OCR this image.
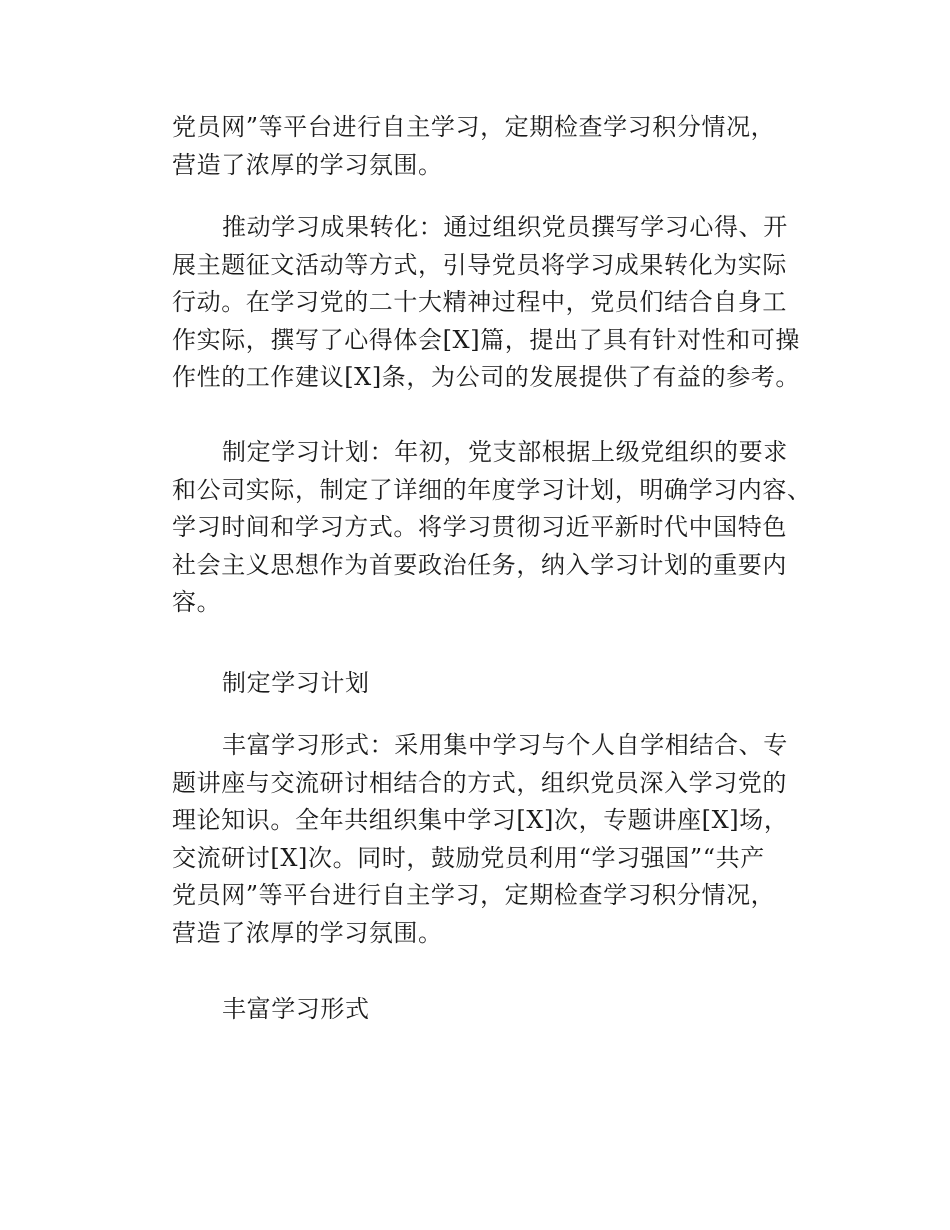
党员网”等平台进行自主学习，定期检查学习积分情况，
营造了浓厚的学习氛围。

推动学习成果转化：通过组织党员撰写学习心得、开
展主题征文活动等方式，引导党员将学习成果转化为实际
行动。在学习党的二十大精神过程中，党员们结合自身工
作实际，撰写了心得体会[X]篇，提出了具有针对性和可操
作性的工作建议[X]条，为公司的发展提供了有益的参考。

制定学习计划：年初，党支部根据上级党组织的要求
和公司实际，制定了详细的年度学习计划，明确学习内容、
学习时间和学习方式。将学习贯彻习近平新时代中国特色
社会主义思想作为首要政治任务，纳入学习计划的重要内
容。

制定学习计划

丰富学习形式：采用集中学习与个人自学相结合、专
题讲座与交流研讨相结合的方式，组织党员深入学习党的
理论知识。全年共组织集中学习[X]次，专题讲座[X]场，
交流研讨[X]次。同时，鼓励党员利用“学习强国”“共产
党员网”等平台进行自主学习，定期检查学习积分情况，
营造了浓厚的学习氛围。

丰富学习形式
